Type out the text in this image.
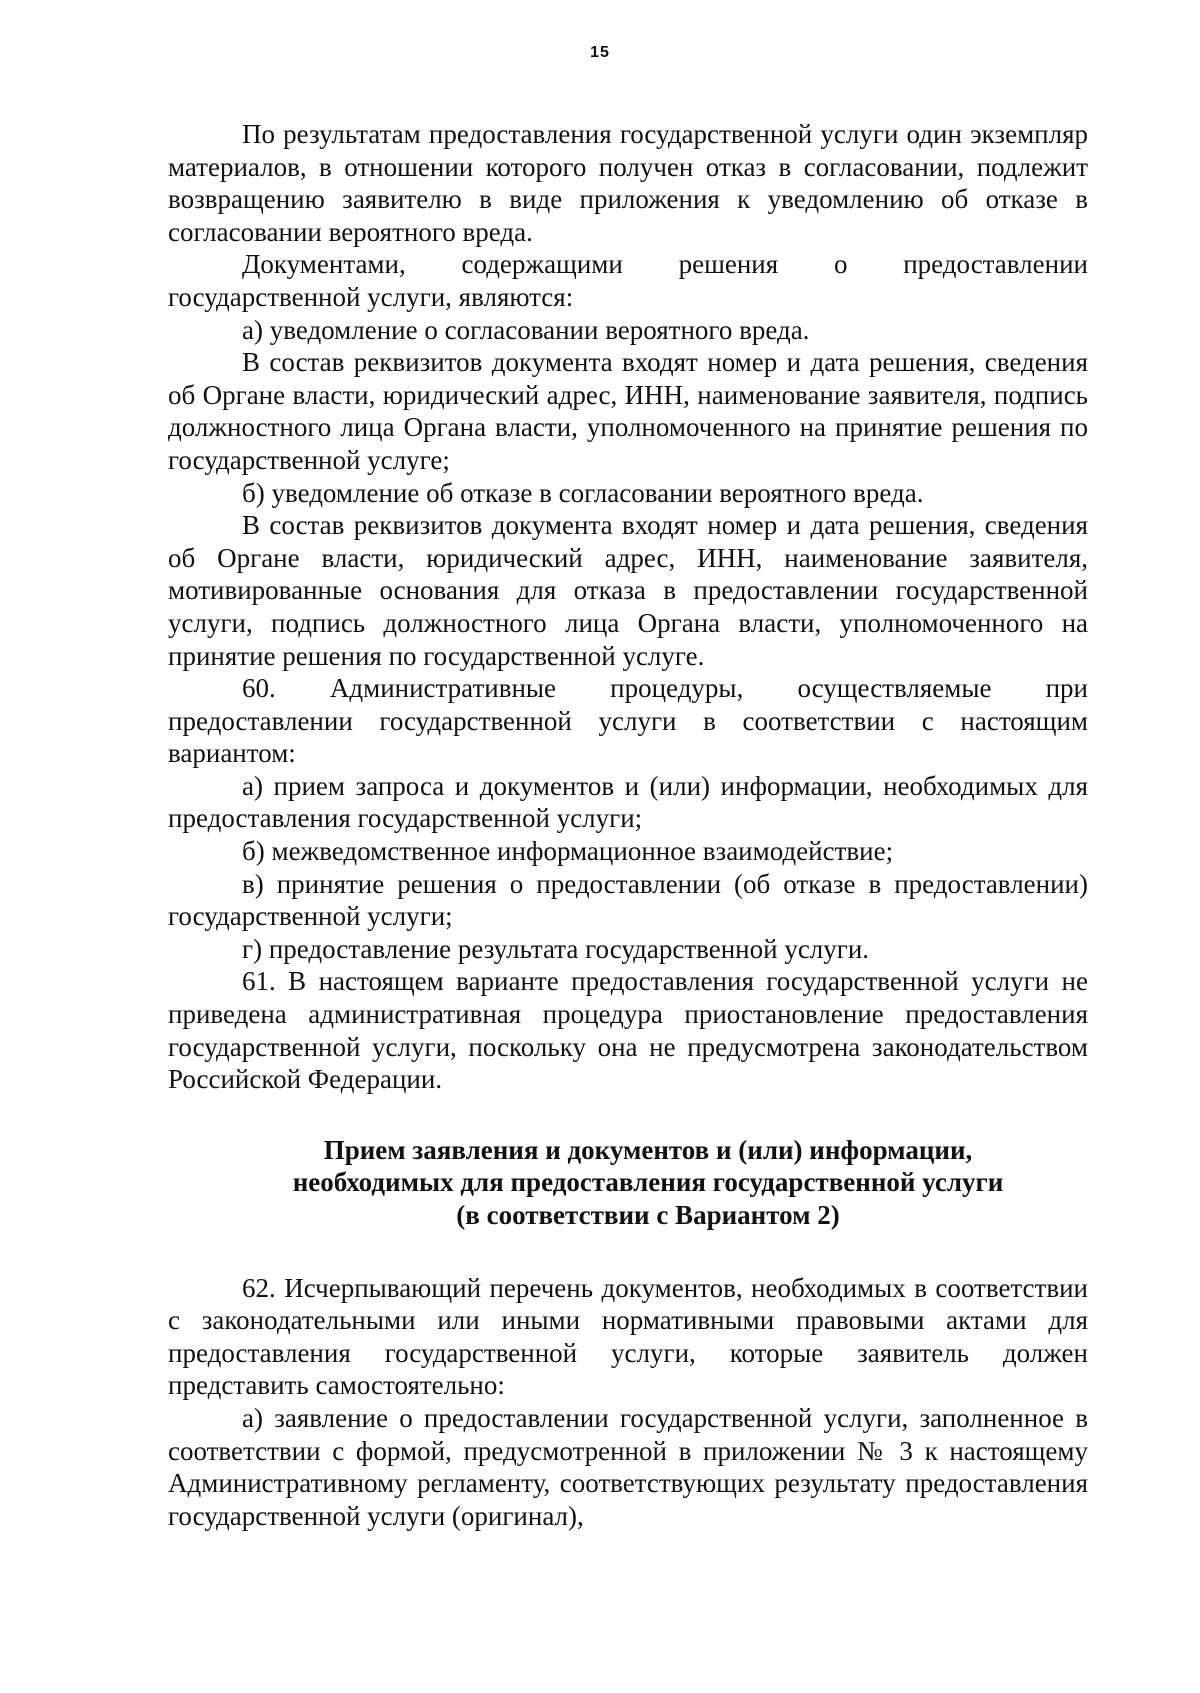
15

По результатам предоставления государственной услуги один экземпляр материалов, в отношении которого получен отказ в согласовании, подлежит возвращению заявителю в виде приложения к уведомлению об отказе в согласовании вероятного вреда.

Документами, содержащими решения о предоставлении государственной услуги, являются:

а) уведомление о согласовании вероятного вреда.

В состав реквизитов документа входят номер и дата решения, сведения об Органе власти, юридический адрес, ИНН, наименование заявителя, подпись должностного лица Органа власти, уполномоченного на принятие решения по государственной услуге;

б) уведомление об отказе в согласовании вероятного вреда.

В состав реквизитов документа входят номер и дата решения, сведения об Органе власти, юридический адрес, ИНН, наименование заявителя, мотивированные основания для отказа в предоставлении государственной услуги, подпись должностного лица Органа власти, уполномоченного на принятие решения по государственной услуге.

60. Административные процедуры, осуществляемые при предоставлении государственной услуги в соответствии с настоящим вариантом:

а) прием запроса и документов и (или) информации, необходимых для предоставления государственной услуги;

б) межведомственное информационное взаимодействие;

в) принятие решения о предоставлении (об отказе в предоставлении) государственной услуги;

г) предоставление результата государственной услуги.

61. В настоящем варианте предоставления государственной услуги не приведена административная процедура приостановление предоставления государственной услуги, поскольку она не предусмотрена законодательством Российской Федерации.

Прием заявления и документов и (или) информации,

необходимых для предоставления государственной услуги

(в соответствии с Вариантом 2)

62. Исчерпывающий перечень документов, необходимых в соответствии с законодательными или иными нормативными правовыми актами для предоставления государственной услуги, которые заявитель должен представить самостоятельно:

а) заявление о предоставлении государственной услуги, заполненное в соответствии с формой, предусмотренной в приложении № 3 к настоящему Административному регламенту, соответствующих результату предоставления государственной услуги (оригинал),
